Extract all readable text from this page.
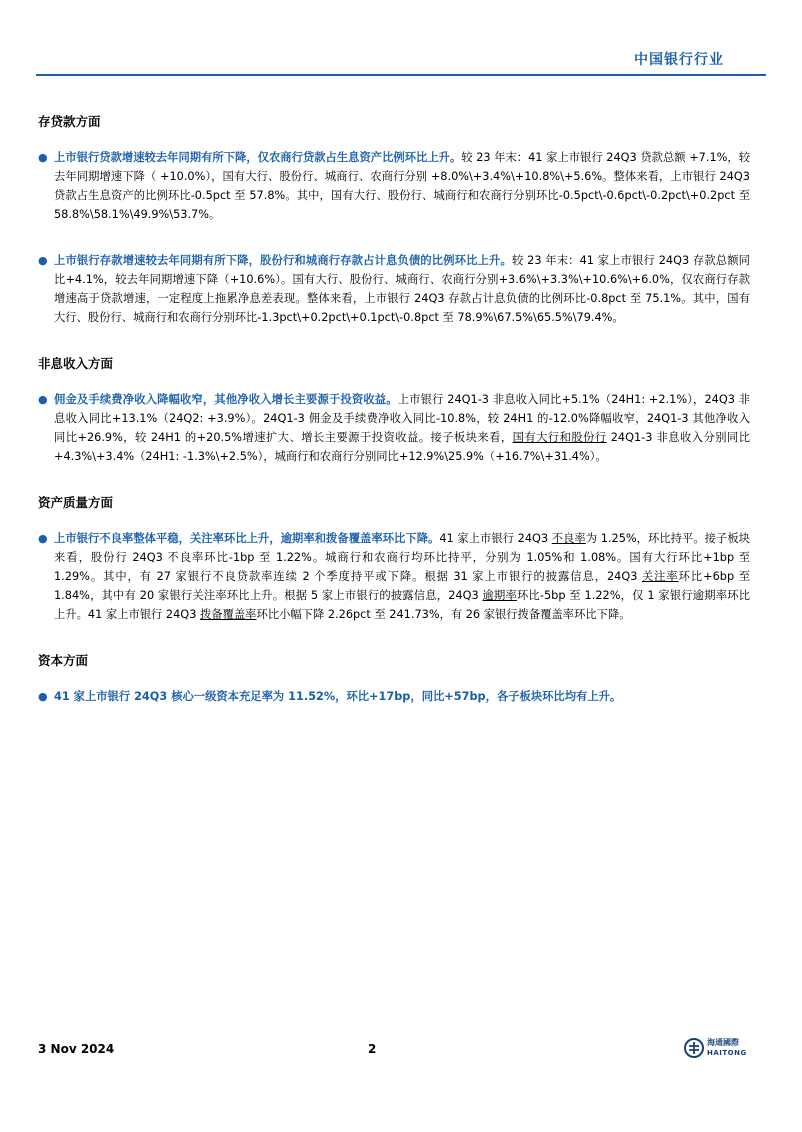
中国银行行业
存贷款方面
● 上市银行贷款增速较去年同期有所下降，仅农商行贷款占生息资产比例环比上升。较 23 年末：41 家上市银行 24Q3 贷款总额 +7.1%，较去年同期增速下降（ +10.0%），国有大行、股份行、城商行、农商行分别 +8.0%\+3.4%\+10.8%\+5.6%。整体来看，上市银行 24Q3 贷款占生息资产的比例环比-0.5pct 至 57.8%。其中，国有大行、股份行、城商行和农商行分别环比-0.5pct\-0.6pct\-0.2pct\+0.2pct 至 58.8%\58.1%\49.9%\53.7%。
● 上市银行存款增速较去年同期有所下降，股份行和城商行存款占计息负债的比例环比上升。较 23 年末：41 家上市银行 24Q3 存款总额同比+4.1%，较去年同期增速下降（+10.6%）。国有大行、股份行、城商行、农商行分别+3.6%\+3.3%\+10.6%\+6.0%，仅农商行存款增速高于贷款增速，一定程度上拖累净息差表现。整体来看，上市银行 24Q3 存款占计息负债的比例环比-0.8pct 至 75.1%。其中，国有大行、股份行、城商行和农商行分别环比-1.3pct\+0.2pct\+0.1pct\-0.8pct 至 78.9%\67.5%\65.5%\79.4%。
非息收入方面
● 佣金及手续费净收入降幅收窄，其他净收入增长主要源于投资收益。上市银行 24Q1-3 非息收入同比+5.1%（24H1: +2.1%），24Q3 非息收入同比+13.1%（24Q2: +3.9%）。24Q1-3 佣金及手续费净收入同比-10.8%，较 24H1 的-12.0%降幅收窄，24Q1-3 其他净收入同比+26.9%，较 24H1 的+20.5%增速扩大、增长主要源于投资收益。接子板块来看，国有大行和股份行 24Q1-3 非息收入分别同比+4.3%\+3.4%（24H1: -1.3%\+2.5%），城商行和农商行分别同比+12.9%\25.9%（+16.7%\+31.4%）。
资产质量方面
● 上市银行不良率整体平稳，关注率环比上升，逾期率和拨备覆盖率环比下降。41 家上市银行 24Q3 不良率为 1.25%，环比持平。接子板块来看，股份行 24Q3 不良率环比-1bp 至 1.22%。城商行和农商行均环比持平，分别为 1.05%和 1.08%。国有大行环比+1bp 至 1.29%。其中，有 27 家银行不良贷款率连续 2 个季度持平或下降。根据 31 家上市银行的披露信息，24Q3 关注率环比+6bp 至 1.84%，其中有 20 家银行关注率环比上升。根据 5 家上市银行的披露信息，24Q3 逾期率环比-5bp 至 1.22%，仅 1 家银行逾期率环比上升。41 家上市银行 24Q3 拨备覆盖率环比小幅下降 2.26pct 至 241.73%，有 26 家银行拨备覆盖率环比下降。
资本方面
● 41 家上市银行 24Q3 核心一级资本充足率为 11.52%，环比+17bp，同比+57bp，各子板块环比均有上升。
3 Nov 2024	2	海通國際
HAITONG
